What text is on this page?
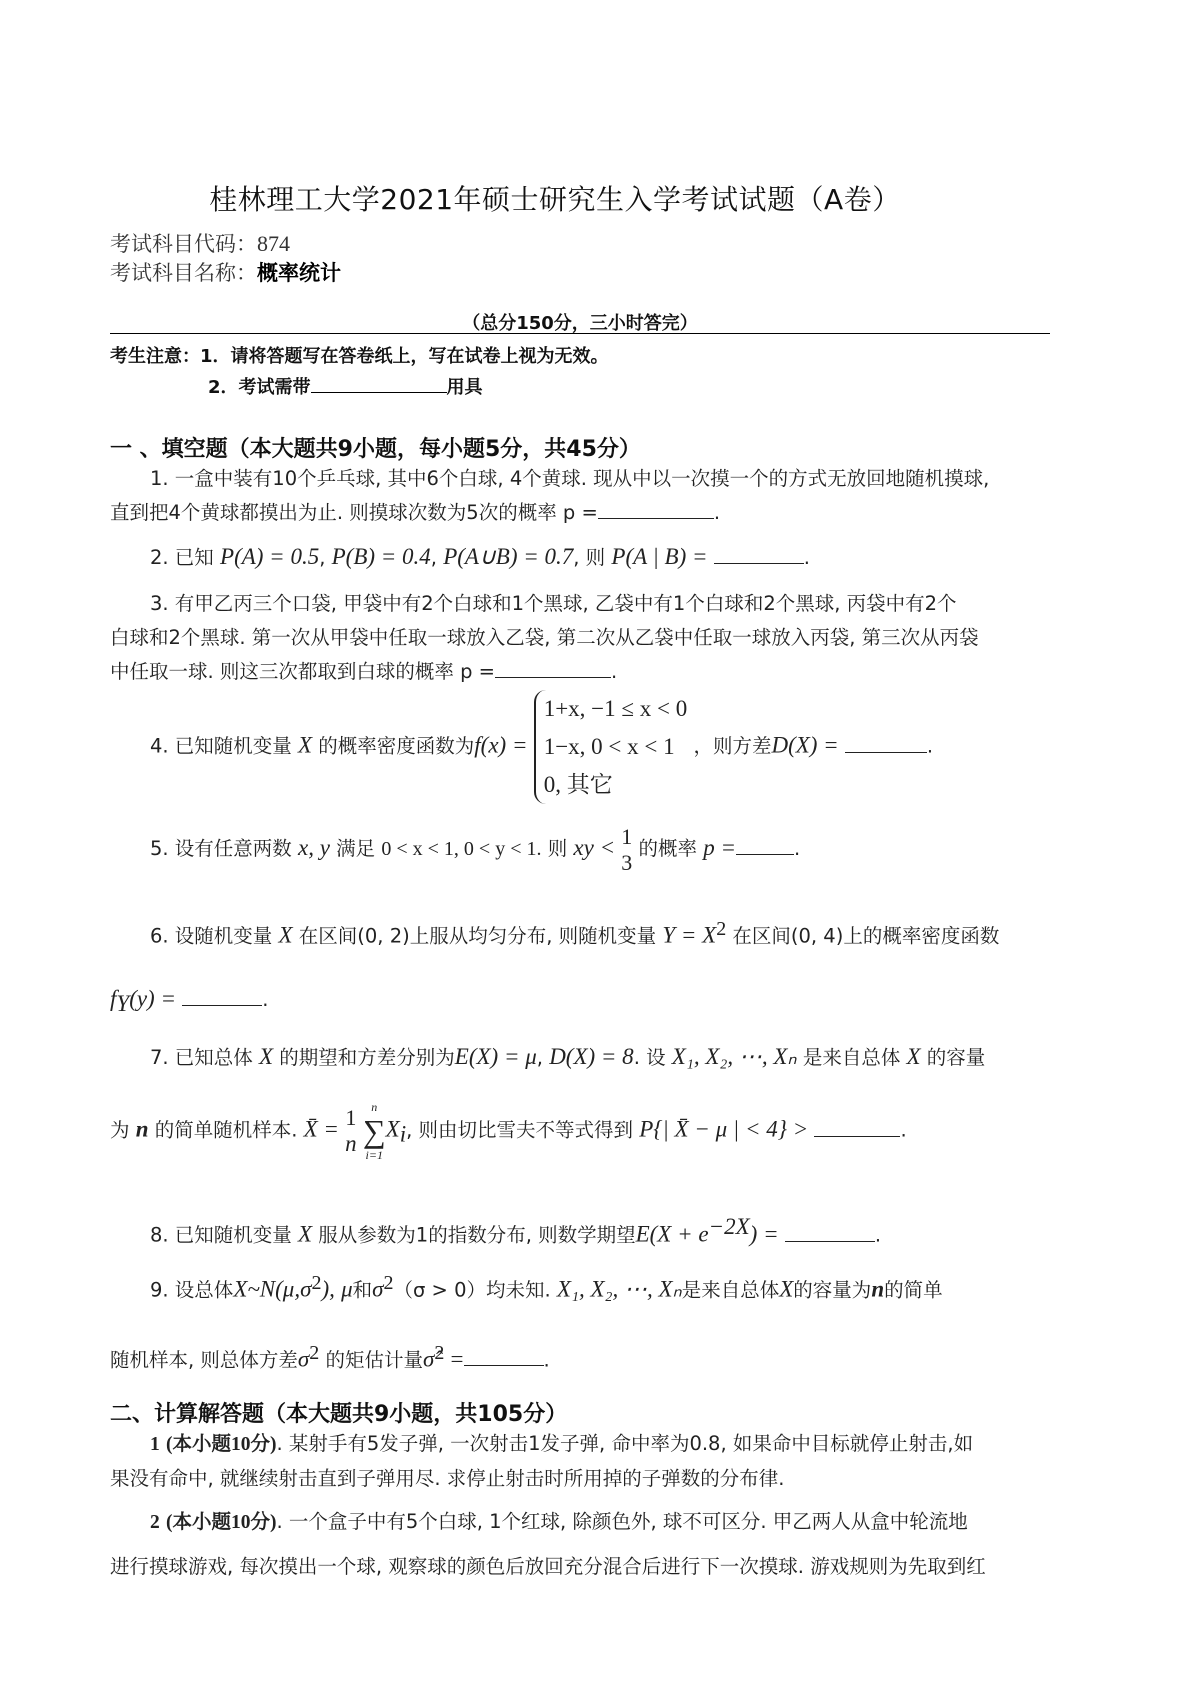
桂林理工大学2021年硕士研究生入学考试试题（A卷）
考试科目代码：874
考试科目名称：概率统计
（总分150分，三小时答完）
考生注意：1．请将答题写在答卷纸上，写在试卷上视为无效。
2．考试需带	用具
一 、填空题（本大题共9小题，每小题5分，共45分）
1. 一盒中装有10个乒乓球, 其中6个白球, 4个黄球. 现从中以一次摸一个的方式无放回地随机摸球,
直到把4个黄球都摸出为止. 则摸球次数为5次的概率 p =	.
2. 已知 P(A) = 0.5, P(B) = 0.4, P(A∪B) = 0.7, 则 P(A | B) =	.
3. 有甲乙丙三个口袋, 甲袋中有2个白球和1个黑球, 乙袋中有1个白球和2个黑球, 丙袋中有2个
白球和2个黑球. 第一次从甲袋中任取一球放入乙袋, 第二次从乙袋中任取一球放入丙袋, 第三次从丙袋
中任取一球. 则这三次都取到白球的概率 p =	.
4. 已知随机变量 X 的概率密度函数为f(x) =
1+x, −1 ≤ x < 0
1−x, 0 < x < 1
0, 其它
，则方差D(X) =	.
5. 设有任意两数 x, y 满足 0 < x < 1, 0 < y < 1. 则 xy < 1
3
的概率 p =	.
6. 设随机变量 X 在区间(0, 2)上服从均匀分布, 则随机变量 $Y = X^2$ 在区间(0, 4)上的概率密度函数
$f_Y(y)$ =	.
7. 已知总体 X 的期望和方差分别为E(X) = μ, D(X) = 8. 设 X₁, X₂, ⋯, Xₙ 是来自总体 X 的容量
为 n 的简单随机样本. X̄ = 1
n

n
∑
i=1
$X_i$, 则由切比雪夫不等式得到 P{| X̄ − μ | < 4} >	.
8. 已知随机变量 X 服从参数为1的指数分布, 则数学期望$E(X + e^{-2X})$ =	.
9. 设总体$X\sim N(\mu,\sigma^2)$, μ和$\sigma^2(\sigma > 0)$均未知. X₁, X₂, ⋯, Xₙ是来自总体X的容量为n的简单
随机样本, 则总体方差$\sigma^2$ 的矩估计量σ̂$^2$ =	.
二、计算解答题（本大题共9小题，共105分）
1 (本小题10分). 某射手有5发子弹, 一次射击1发子弹, 命中率为0.8, 如果命中目标就停止射击,如
果没有命中, 就继续射击直到子弹用尽. 求停止射击时所用掉的子弹数的分布律.
2 (本小题10分). 一个盒子中有5个白球, 1个红球, 除颜色外, 球不可区分. 甲乙两人从盒中轮流地
进行摸球游戏, 每次摸出一个球, 观察球的颜色后放回充分混合后进行下一次摸球. 游戏规则为先取到红
